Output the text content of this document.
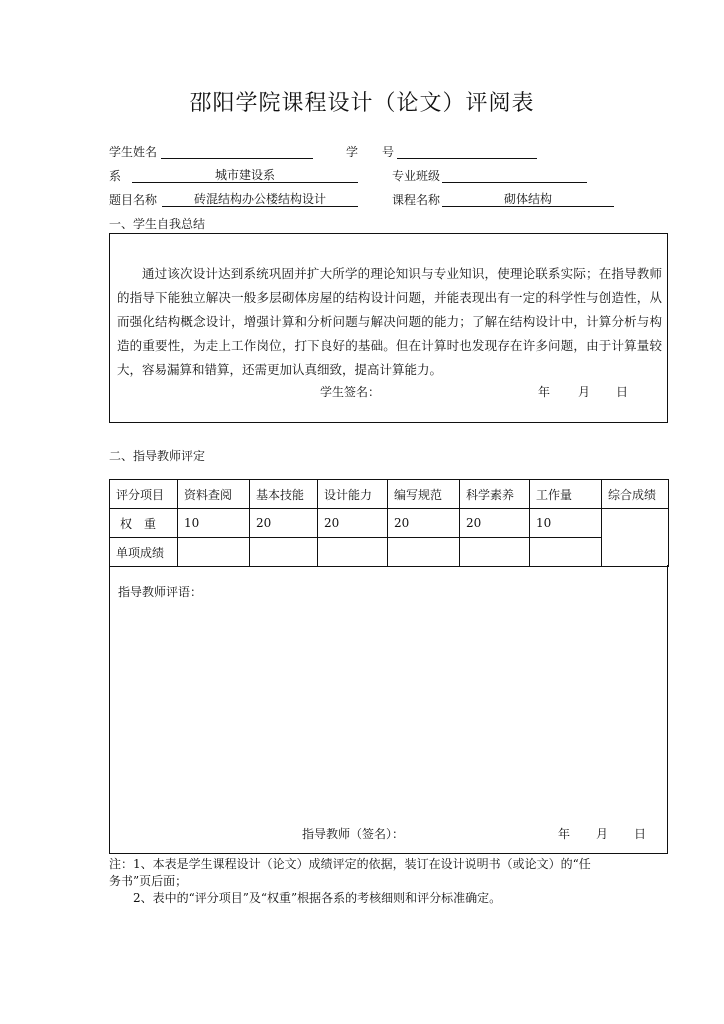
邵阳学院课程设计（论文）评阅表
学生姓名	学　　号
系	城市建设系	专业班级
题目名称	砖混结构办公楼结构设计	课程名称	砌体结构
一、学生自我总结
通过该次设计达到系统巩固并扩大所学的理论知识与专业知识，使理论联系实际；在指导教师的指导下能独立解决一般多层砌体房屋的结构设计问题，并能表现出有一定的科学性与创造性，从而强化结构概念设计，增强计算和分析问题与解决问题的能力；了解在结构设计中，计算分析与构造的重要性，为走上工作岗位，打下良好的基础。但在计算时也发现存在许多问题，由于计算量较大，容易漏算和错算，还需更加认真细致，提高计算能力。
学生签名：	年 月 日
二、指导教师评定
评分项目	资料查阅	基本技能	设计能力	编写规范	科学素养	工作量	综合成绩
权　重	10	20	20	20	20	10	
单项成绩							
指导教师评语：
指导教师（签名）：	年 月 日
注：1、本表是学生课程设计（论文）成绩评定的依据，装订在设计说明书（或论文）的“任
务书”页后面；
2、表中的“评分项目”及“权重”根据各系的考核细则和评分标准确定。
